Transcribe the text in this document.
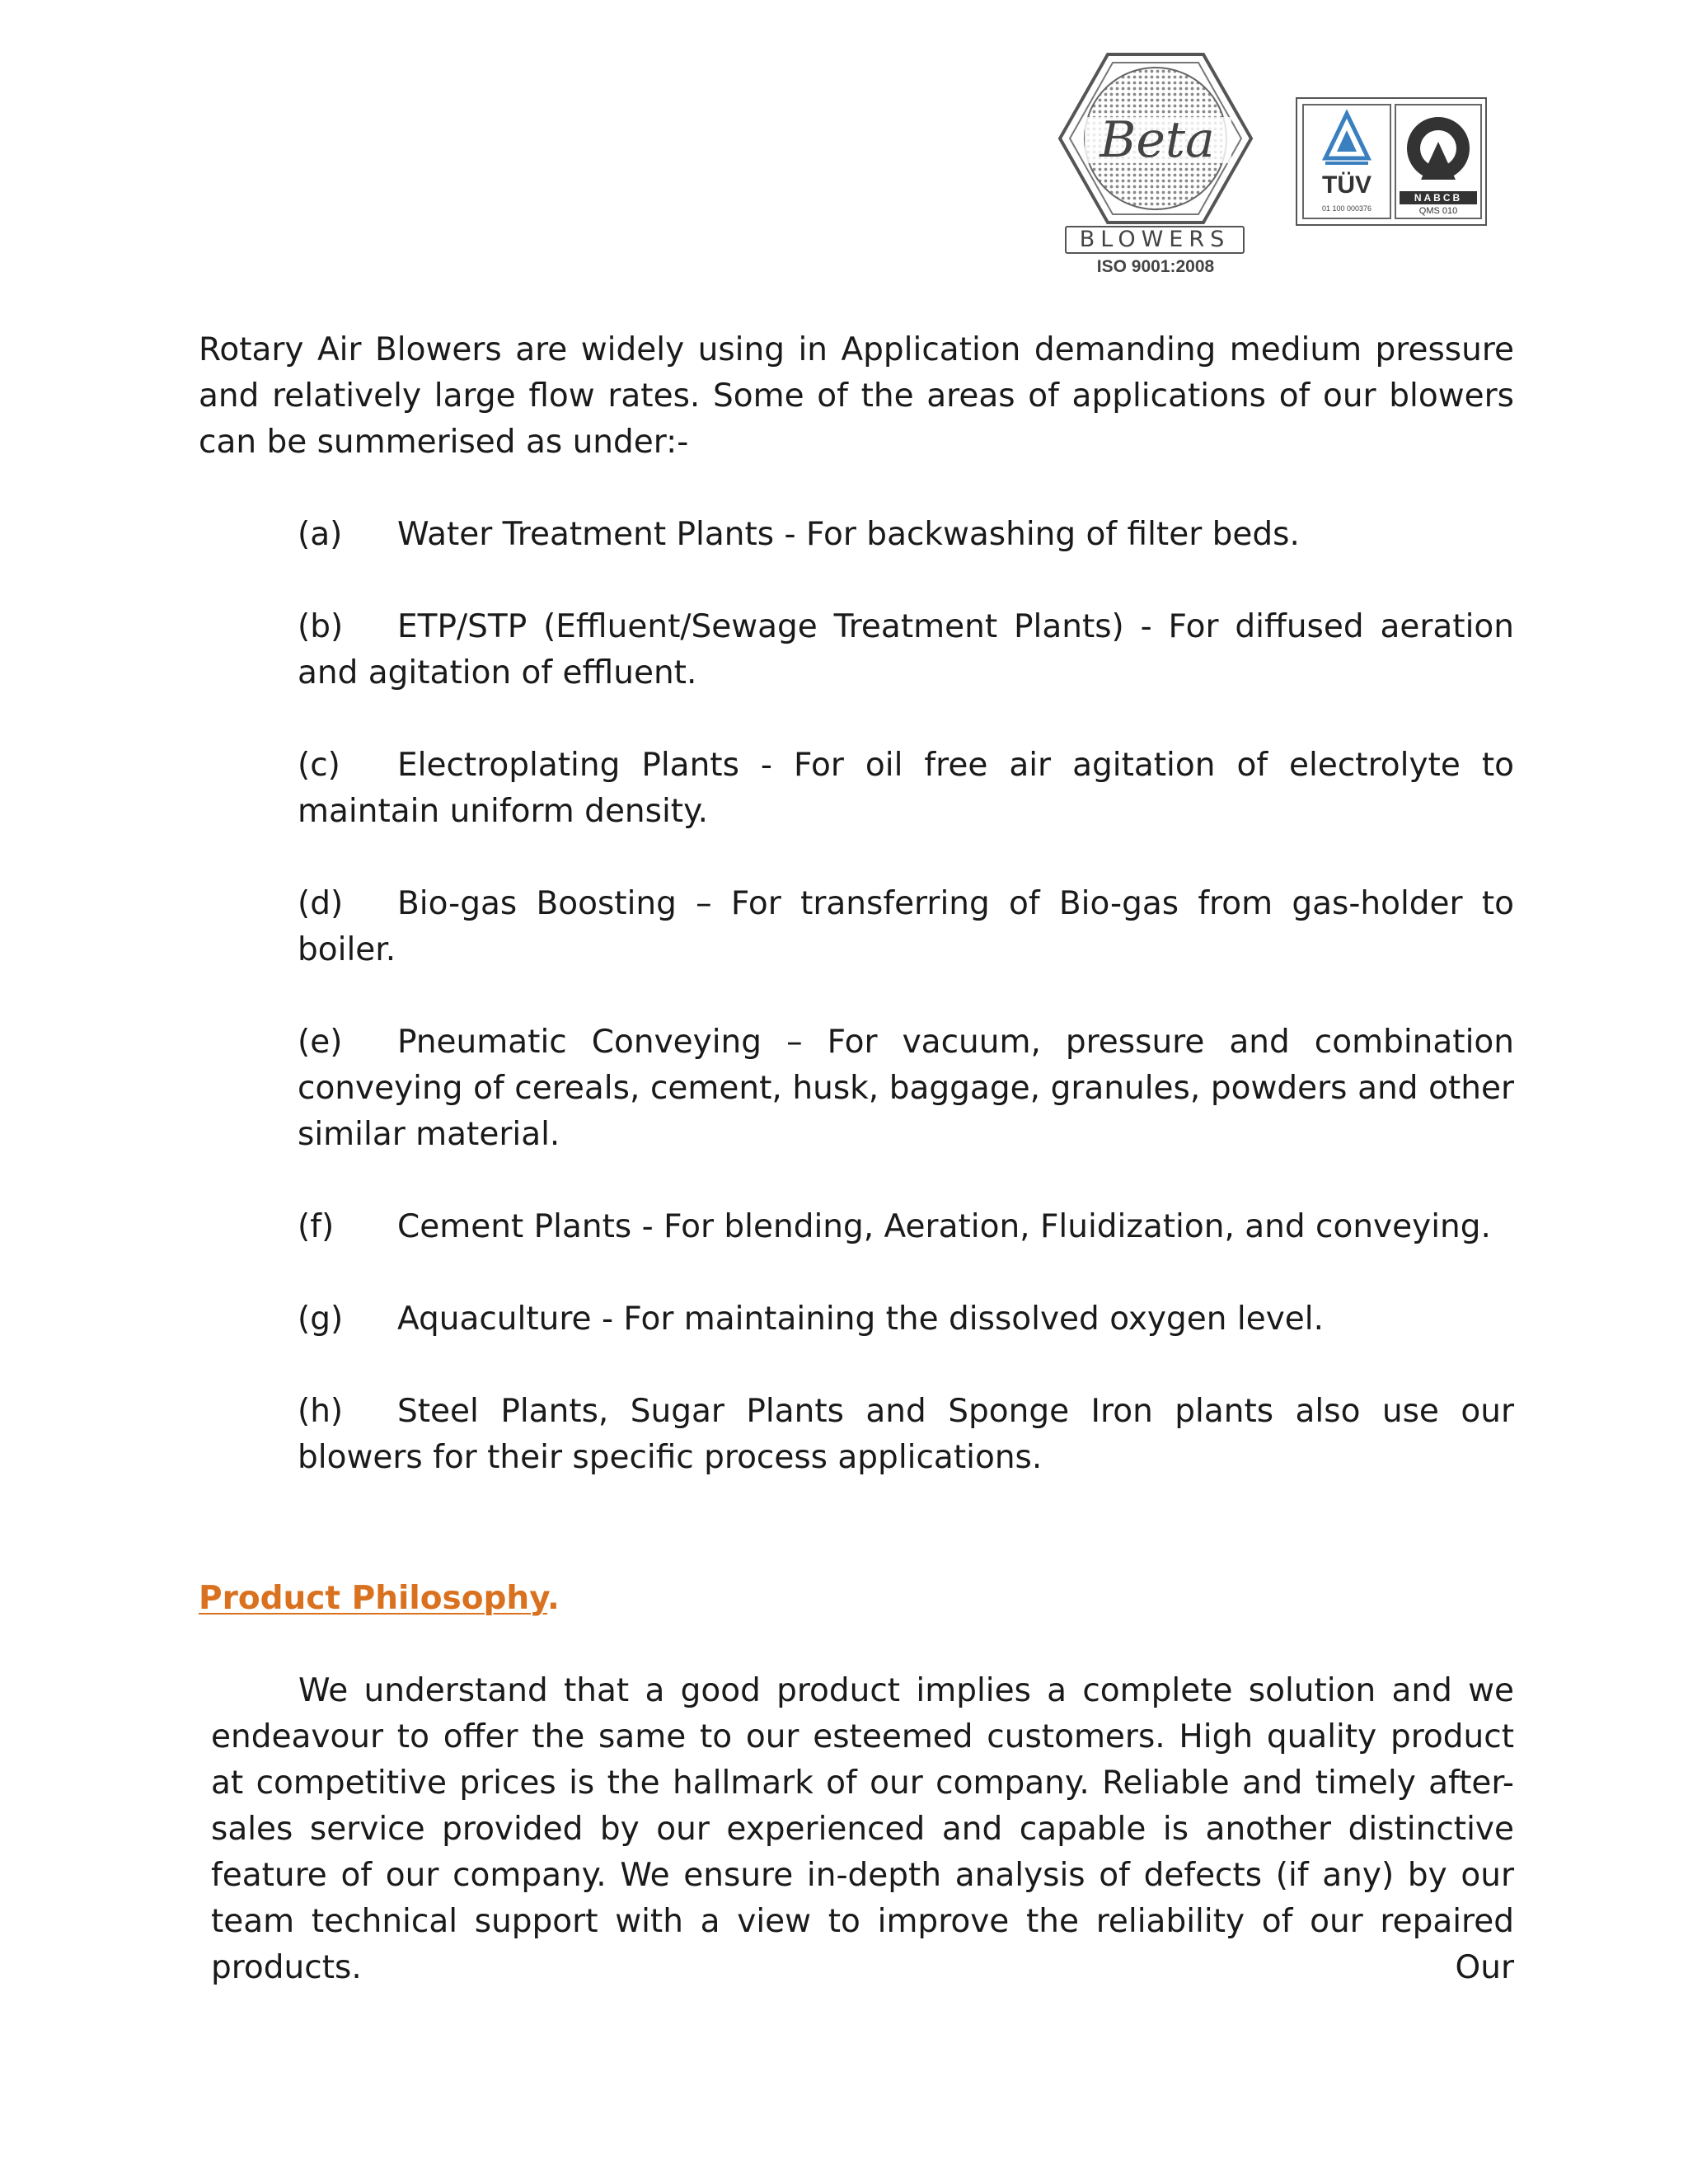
Beta
BLOWERS
ISO 9001:2008
TÜV
01 100 000376
NABCB
QMS 010

Rotary Air Blowers are widely using in Application demanding medium pressure and relatively large flow rates. Some of the areas of applications of our blowers can be summerised as under:-

(a) Water Treatment Plants - For backwashing of filter beds.

(b) ETP/STP (Effluent/Sewage Treatment Plants) - For diffused aeration and agitation of effluent.

(c) Electroplating Plants - For oil free air agitation of electrolyte to maintain uniform density.

(d) Bio-gas Boosting – For transferring of Bio-gas from gas-holder to boiler.

(e) Pneumatic Conveying – For vacuum, pressure and combination conveying of cereals, cement, husk, baggage, granules, powders and other similar material.

(f) Cement Plants - For blending, Aeration, Fluidization, and conveying.

(g) Aquaculture - For maintaining the dissolved oxygen level.

(h) Steel Plants, Sugar Plants and Sponge Iron plants also use our blowers for their specific process applications.

Product Philosophy.

We understand that a good product implies a complete solution and we endeavour to offer the same to our esteemed customers. High quality product at competitive prices is the hallmark of our company. Reliable and timely after- sales service provided by our experienced and capable is another distinctive feature of our company. We ensure in-depth analysis of defects (if any) by our team technical support with a view to improve the reliability of our repaired products. Our
